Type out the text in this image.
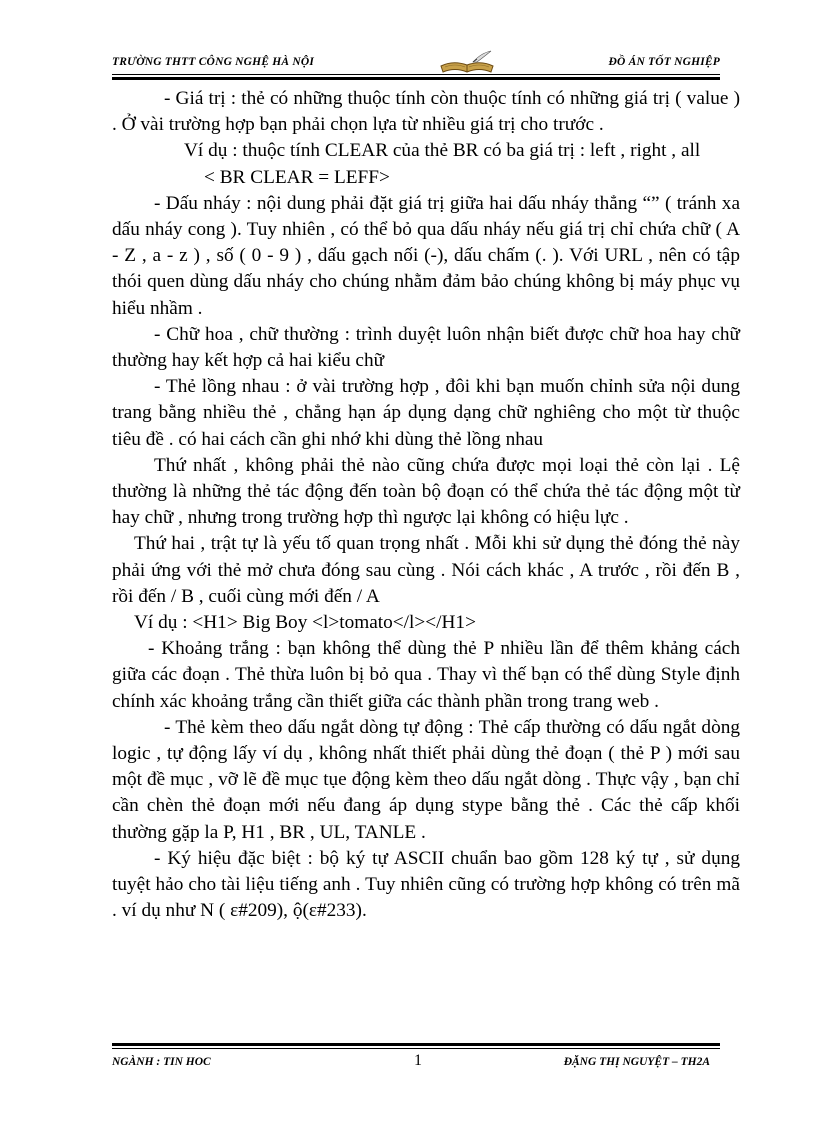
TRƯỜNG THTT CÔNG NGHỆ HÀ NỘI	ĐỒ ÁN TỐT NGHIỆP

- Giá trị : thẻ có những thuộc tính còn thuộc tính có những giá trị ( value ) . Ở vài trường hợp bạn phải chọn lựa từ nhiều giá trị cho trước .

Ví dụ : thuộc tính CLEAR của thẻ BR có ba giá trị : left , right , all

< BR CLEAR = LEFF>

- Dấu nháy : nội dung phải đặt giá trị giữa hai dấu nháy thẳng “” ( tránh xa dấu nháy cong ). Tuy nhiên , có thể bỏ qua dấu nháy nếu giá trị chỉ chứa chữ ( A - Z , a - z ) , số ( 0 - 9 ) , dấu gạch nối (-), dấu chấm (. ). Với URL , nên có tập thói quen dùng dấu nháy cho chúng nhằm đảm bảo chúng không bị máy phục vụ hiểu nhầm .

- Chữ hoa , chữ thường : trình duyệt luôn nhận biết được chữ hoa hay chữ thường hay kết hợp cả hai kiểu chữ

- Thẻ lồng nhau : ở vài trường hợp , đôi khi bạn muốn chỉnh sửa nội dung trang bằng nhiều thẻ , chẳng hạn áp dụng dạng chữ nghiêng cho một từ thuộc tiêu đề . có hai cách cần ghi nhớ khi dùng thẻ lồng nhau

Thứ nhất , không phải thẻ nào cũng chứa được mọi loại thẻ còn lại . Lệ thường là những thẻ tác động đến toàn bộ đoạn có thể chứa thẻ tác động một từ hay chữ , nhưng trong trường hợp thì ngược lại không có hiệu lực .

Thứ hai , trật tự là yếu tố quan trọng nhất . Mỗi khi sử dụng thẻ đóng thẻ này phải ứng với thẻ mở chưa đóng sau cùng . Nói cách khác , A trước , rồi đến B , rồi đến / B , cuối cùng mới đến / A

Ví dụ : <H1> Big Boy <l>tomato</l></H1>

- Khoảng trắng : bạn không thể dùng thẻ P nhiều lần để thêm khảng cách giữa các đoạn . Thẻ thừa luôn bị bỏ qua . Thay vì thế bạn có thể dùng Style định chính xác khoảng trắng cần thiết giữa các thành phần trong trang web .

- Thẻ kèm theo dấu ngắt dòng tự động : Thẻ cấp thường có dấu ngắt dòng logic , tự động lấy ví dụ , không nhất thiết phải dùng thẻ đoạn ( thẻ P ) mới sau một đề mục , vỡ lẽ đề mục tụe động kèm theo dấu ngắt dòng . Thực vậy , bạn chỉ cần chèn thẻ đoạn mới nếu đang áp dụng stype bằng thẻ . Các thẻ cấp khối thường gặp la P, H1 , BR , UL, TANLE .

- Ký hiệu đặc biệt : bộ ký tự ASCII chuẩn bao gồm 128 ký tự , sử dụng tuyệt hảo cho tài liệu tiếng anh . Tuy nhiên cũng có trường hợp không có trên mã . ví dụ như N ( ε#209), ộ(ε#233).

NGÀNH : TIN HOC	1	ĐẶNG THỊ NGUYỆT – TH2A
